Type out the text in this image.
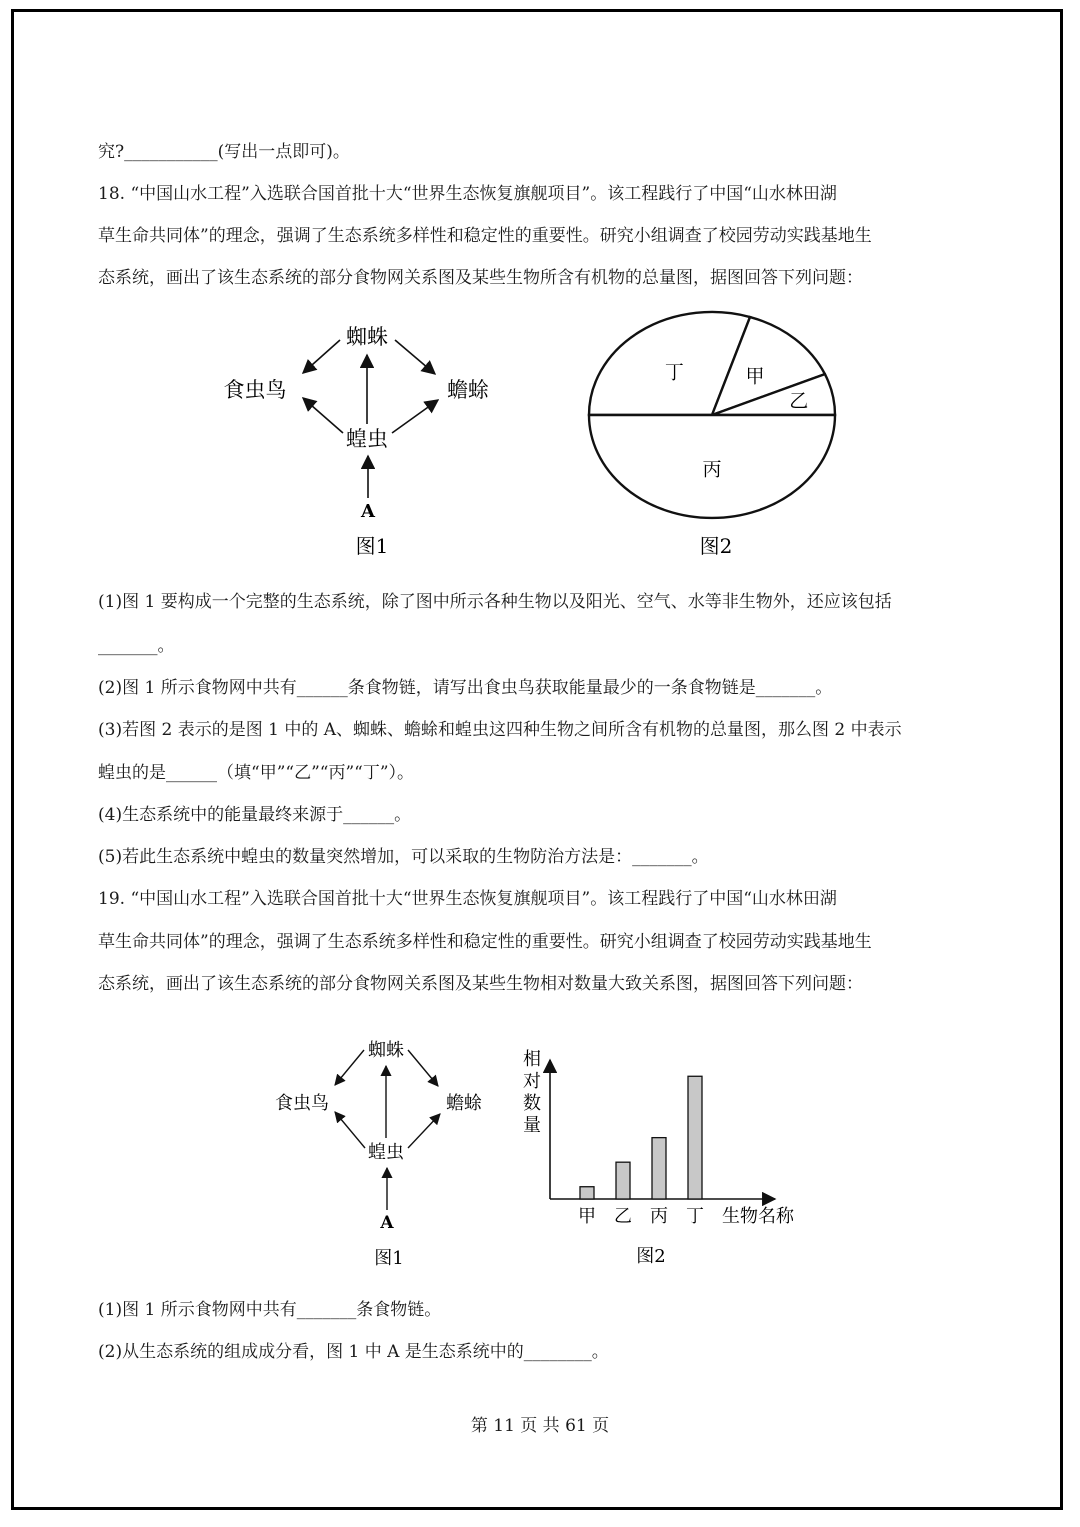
究?___________(写出一点即可)。
18. “中国山水工程”入选联合国首批十大“世界生态恢复旗舰项目”。该工程践行了中国“山水林田湖
草生命共同体”的理念，强调了生态系统多样性和稳定性的重要性。研究小组调查了校园劳动实践基地生
态系统，画出了该生态系统的部分食物网关系图及某些生物所含有机物的总量图，据图回答下列问题：
蜘蛛
食虫鸟	蟾蜍
蝗虫
A
图1
丁	甲
乙
丙
图2
(1)图 1 要构成一个完整的生态系统，除了图中所示各种生物以及阳光、空气、水等非生物外，还应该包括
_______。
(2)图 1 所示食物网中共有______条食物链，请写出食虫鸟获取能量最少的一条食物链是_______。
(3)若图 2 表示的是图 1 中的 A、蜘蛛、蟾蜍和蝗虫这四种生物之间所含有机物的总量图，那么图 2 中表示
蝗虫的是______（填“甲”“乙”“丙”“丁”）。
(4)生态系统中的能量最终来源于______。
(5)若此生态系统中蝗虫的数量突然增加，可以采取的生物防治方法是：_______。
19. “中国山水工程”入选联合国首批十大“世界生态恢复旗舰项目”。该工程践行了中国“山水林田湖
草生命共同体”的理念，强调了生态系统多样性和稳定性的重要性。研究小组调查了校园劳动实践基地生
态系统，画出了该生态系统的部分食物网关系图及某些生物相对数量大致关系图，据图回答下列问题：
蜘蛛
食虫鸟	蟾蜍
蝗虫
A
图1
相
对
数
量
甲 乙 丙 丁 生物名称
图2
(1)图 1 所示食物网中共有_______条食物链。
(2)从生态系统的组成成分看，图 1 中 A 是生态系统中的________。
第 11 页 共 61 页
